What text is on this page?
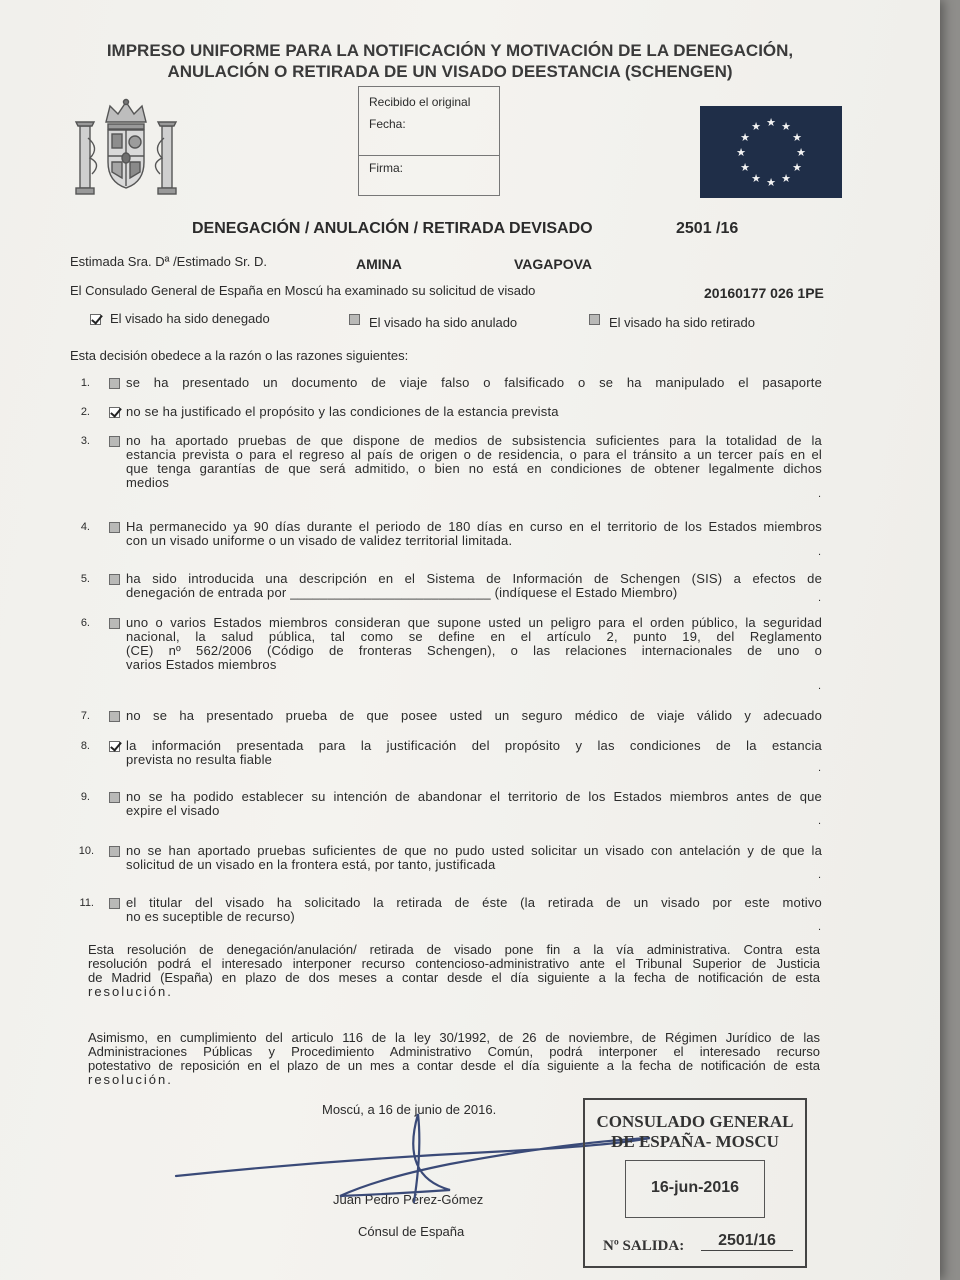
IMPRESO UNIFORME PARA LA NOTIFICACIÓN Y MOTIVACIÓN DE LA DENEGACIÓN,
ANULACIÓN O RETIRADA DE UN VISADO DEESTANCIA (SCHENGEN)
Recibido el original
Fecha:
Firma:
★ ★
★
★
★
★
★
★
★
★
★
★
DENEGACIÓN / ANULACIÓN / RETIRADA DEVISADO	2501 /16
Estimada Sra. Dª /Estimado Sr. D.	AMINA	VAGAPOVA
El Consulado General de España en Moscú ha examinado su solicitud de visado	20160177 026 1PE
El visado ha sido denegado	El visado ha sido anulado	El visado ha sido retirado
Esta decisión obedece a la razón o las razones siguientes:
1.	se ha presentado un documento de viaje falso o falsificado o se ha manipulado el pasaporte
2.	no se ha justificado el propósito y las condiciones de la estancia prevista
3.	no ha aportado pruebas de que dispone de medios de subsistencia suficientes para la totalidad de la
estancia prevista o para el regreso al país de origen o de residencia, o para el tránsito a un tercer país en el
que tenga garantías de que será admitido, o bien no está en condiciones de obtener legalmente dichos
medios
.
4.	Ha permanecido ya 90 días durante el periodo de 180 días en curso en el territorio de los Estados miembros
con un visado uniforme o un visado de validez territorial limitada.
.
5.	ha sido introducida una descripción en el Sistema de Información de Schengen (SIS) a efectos de
denegación de entrada por ___________________________ (indíquese el Estado Miembro)	.
6.	uno o varios Estados miembros consideran que supone usted un peligro para el orden público, la seguridad
nacional, la salud pública, tal como se define en el artículo 2, punto 19, del Reglamento
(CE) nº 562/2006 (Código de fronteras Schengen), o las relaciones internacionales de uno o
varios Estados miembros
.
7.	no se ha presentado prueba de que posee usted un seguro médico de viaje válido y adecuado
8.	la información presentada para la justificación del propósito y las condiciones de la estancia
prevista no resulta fiable
.
9.	no se ha podido establecer su intención de abandonar el territorio de los Estados miembros antes de que
expire el visado
.
10. no se han aportado pruebas suficientes de que no pudo usted solicitar un visado con antelación y de que la
solicitud de un visado en la frontera está, por tanto, justificada
.
11. el titular del visado ha solicitado la retirada de éste (la retirada de un visado por este motivo
no es suceptible de recurso)
.
Esta resolución de denegación/anulación/ retirada de visado pone fin a la vía administrativa. Contra esta
resolución podrá el interesado interponer recurso contencioso-administrativo ante el Tribunal Superior de Justicia
de Madrid (España) en plazo de dos meses a contar desde el día siguiente a la fecha de notificación de esta
resolución.
Asimismo, en cumplimiento del articulo 116 de la ley 30/1992, de 26 de noviembre, de Régimen Jurídico de las
Administraciones Públicas y Procedimiento Administrativo Común, podrá interponer el interesado recurso
potestativo de reposición en el plazo de un mes a contar desde el día siguiente a la fecha de notificación de esta
resolución.
Moscú, a 16 de junio de 2016.
Juan Pedro Pérez-Gómez
Cónsul de España
CONSULADO GENERAL
DE ESPAÑA- MOSCU
16-jun-2016
Nº SALIDA:	2501/16
